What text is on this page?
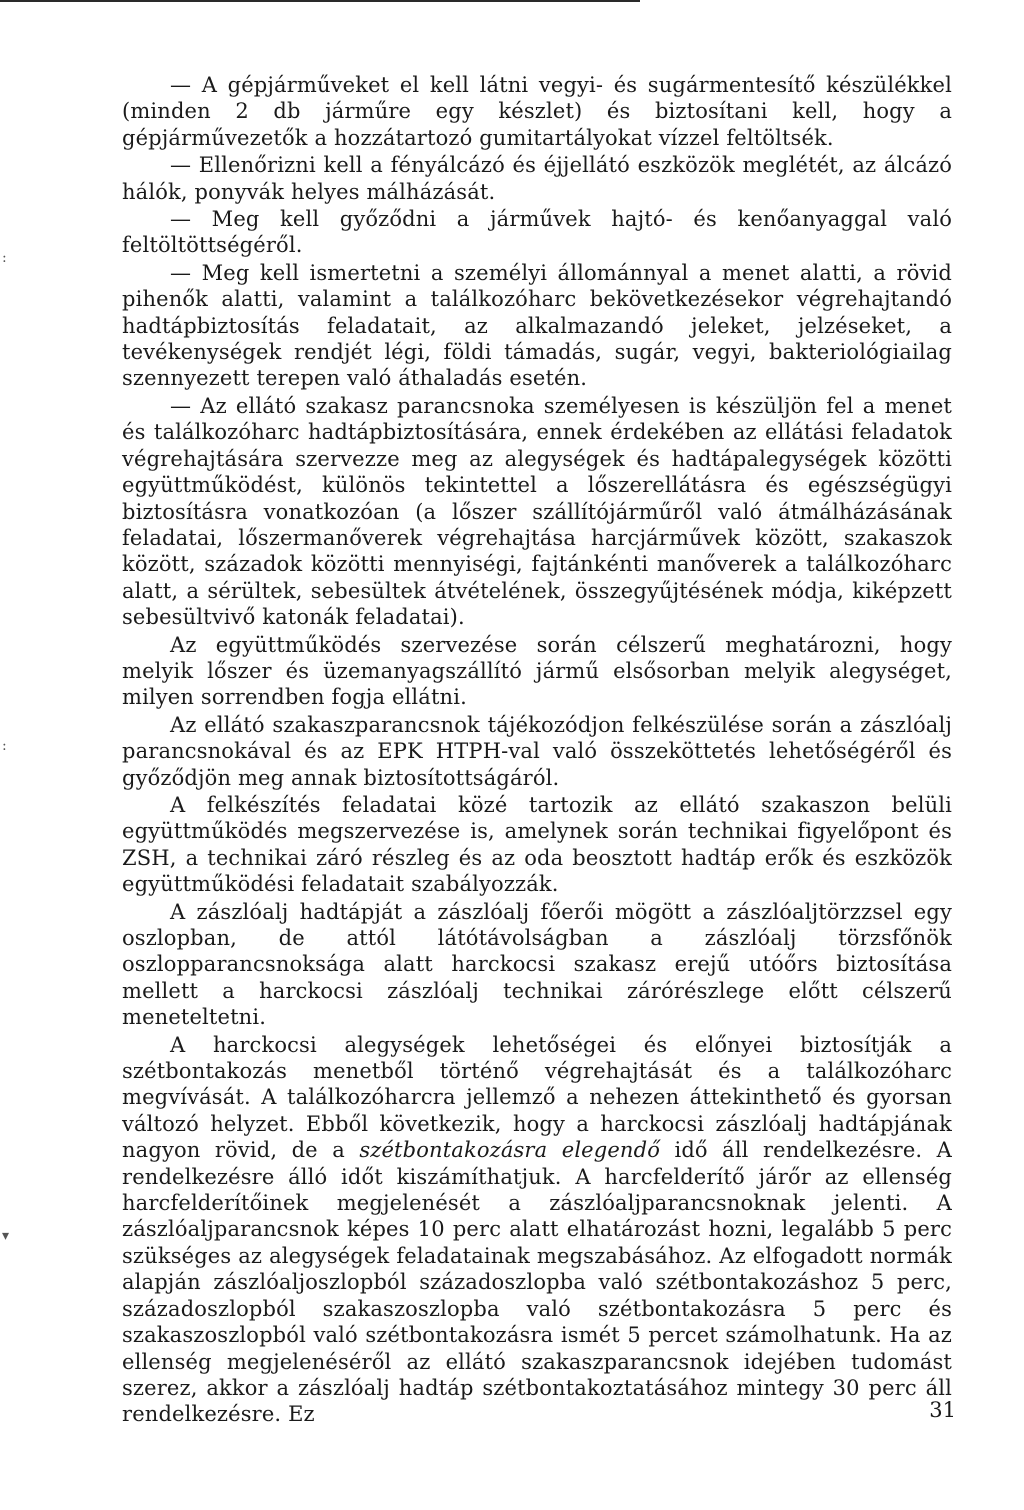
:
:
▾

— A gépjárműveket el kell látni vegyi- és sugármentesítő készülékkel (minden 2 db járműre egy készlet) és biztosítani kell, hogy a gépjárművezetők a hozzátartozó gumitartályokat vízzel feltöltsék.

— Ellenőrizni kell a fényálcázó és éjjellátó eszközök meglétét, az álcázó hálók, ponyvák helyes málházását.

— Meg kell győződni a járművek hajtó- és kenőanyaggal való feltöltöttségéről.

— Meg kell ismertetni a személyi állománnyal a menet alatti, a rövid pihenők alatti, valamint a találkozóharc bekövetkezésekor végrehajtandó hadtápbiztosítás feladatait, az alkalmazandó jeleket, jelzéseket, a tevékenységek rendjét légi, földi támadás, sugár, vegyi, bakteriológiailag szennyezett terepen való áthaladás esetén.

— Az ellátó szakasz parancsnoka személyesen is készüljön fel a menet és találkozóharc hadtápbiztosítására, ennek érdekében az ellátási feladatok végrehajtására szervezze meg az alegységek és hadtápalegységek közötti együttműködést, különös tekintettel a lőszerellátásra és egészségügyi biztosításra vonatkozóan (a lőszer szállítójárműről való átmálházásának feladatai, lőszermanőverek végrehajtása harcjárművek között, szakaszok között, századok közötti mennyiségi, fajtánkénti manőverek a találkozóharc alatt, a sérültek, sebesültek átvételének, összegyűjtésének módja, kiképzett sebesültvivő katonák feladatai).

Az együttműködés szervezése során célszerű meghatározni, hogy melyik lőszer és üzemanyagszállító jármű elsősorban melyik alegységet, milyen sorrendben fogja ellátni.

Az ellátó szakaszparancsnok tájékozódjon felkészülése során a zászlóalj parancsnokával és az EPK HTPH-val való összeköttetés lehetőségéről és győződjön meg annak biztosítottságáról.

A felkészítés feladatai közé tartozik az ellátó szakaszon belüli együttműködés megszervezése is, amelynek során technikai figyelőpont és ZSH, a technikai záró részleg és az oda beosztott hadtáp erők és eszközök együttműködési feladatait szabályozzák.

A zászlóalj hadtápját a zászlóalj főerői mögött a zászlóaljtörzzsel egy oszlopban, de attól látótávolságban a zászlóalj törzsfőnök oszlopparancsnoksága alatt harckocsi szakasz erejű utóőrs biztosítása mellett a harckocsi zászlóalj technikai zárórészlege előtt célszerű meneteltetni.

A harckocsi alegységek lehetőségei és előnyei biztosítják a szétbontakozás menetből történő végrehajtását és a találkozóharc megvívását. A találkozóharcra jellemző a nehezen áttekinthető és gyorsan változó helyzet. Ebből következik, hogy a harckocsi zászlóalj hadtápjának nagyon rövid, de a szétbontakozásra elegendő idő áll rendelkezésre. A rendelkezésre álló időt kiszámíthatjuk. A harcfelderítő járőr az ellenség harcfelderítőinek megjelenését a zászlóaljparancsnoknak jelenti. A zászlóaljparancsnok képes 10 perc alatt elhatározást hozni, legalább 5 perc szükséges az alegységek feladatainak megszabásához. Az elfogadott normák alapján zászlóaljoszlopból századoszlopba való szétbontakozáshoz 5 perc, századoszlopból szakaszoszlopba való szétbontakozásra 5 perc és szakaszoszlopból való szétbontakozásra ismét 5 percet számolhatunk. Ha az ellenség megjelenéséről az ellátó szakaszparancsnok idejében tudomást szerez, akkor a zászlóalj hadtáp szétbontakoztatásához mintegy 30 perc áll rendelkezésre. Ez	31
